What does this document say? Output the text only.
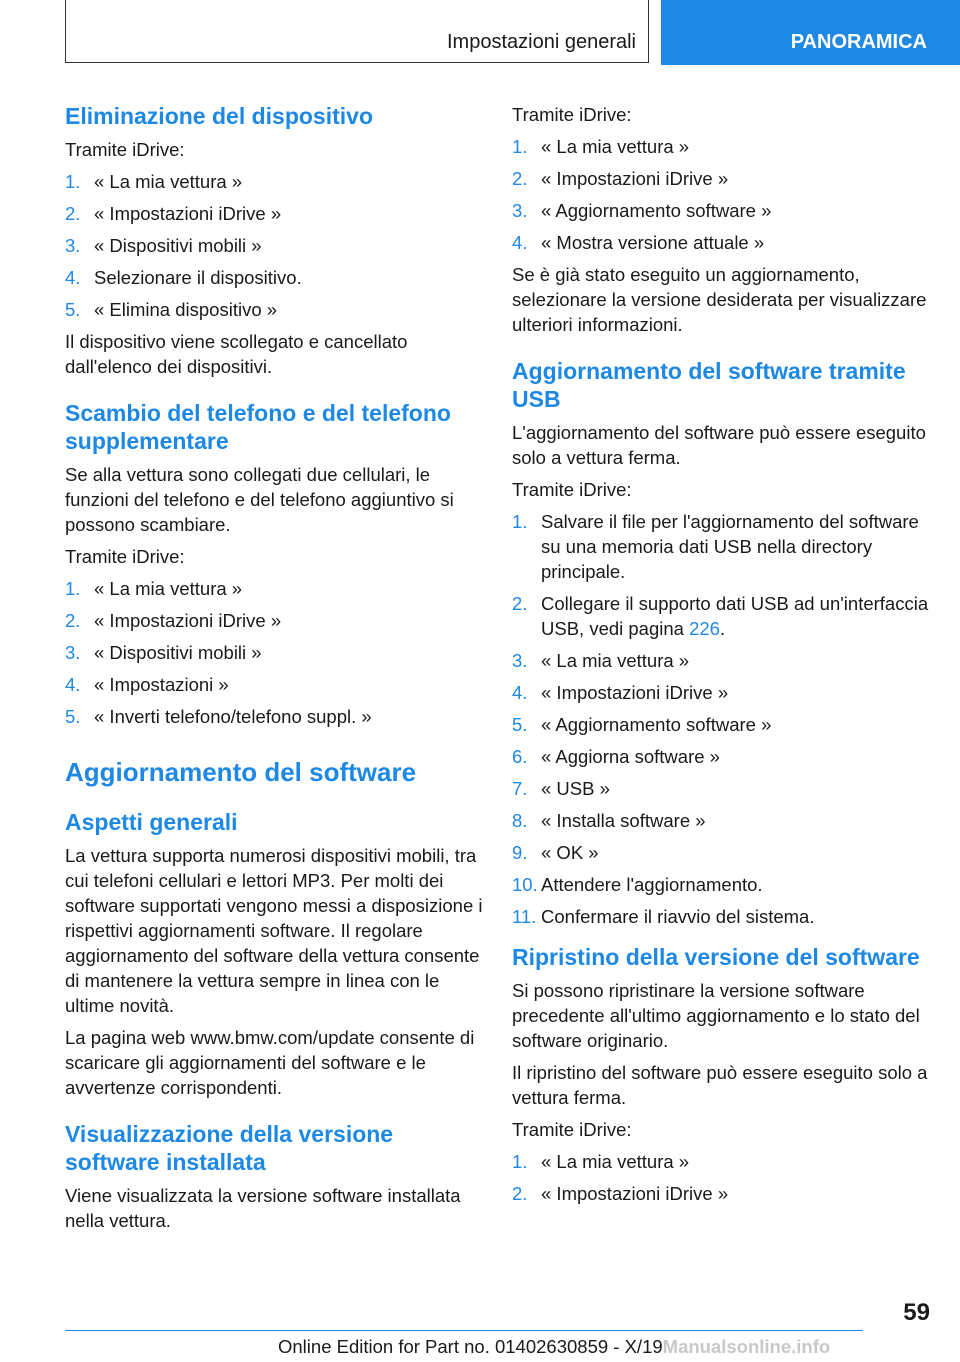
Impostazioni generali	PANORAMICA
Eliminazione del dispositivo

Tramite iDrive:

1. « La mia vettura »
2. « Impostazioni iDrive »
3. « Dispositivi mobili »
4. Selezionare il dispositivo.
5. « Elimina dispositivo »

Il dispositivo viene scollegato e cancellato dall'elenco dei dispositivi.

Scambio del telefono e del telefono supplementare

Se alla vettura sono collegati due cellulari, le funzioni del telefono e del telefono aggiuntivo si possono scambiare.

Tramite iDrive:

1. « La mia vettura »
2. « Impostazioni iDrive »
3. « Dispositivi mobili »
4. « Impostazioni »
5. « Inverti telefono/telefono suppl. »
Aggiornamento del software
Aspetti generali

La vettura supporta numerosi dispositivi mobili, tra cui telefoni cellulari e lettori MP3. Per molti dei software supportati vengono messi a disposizione i rispettivi aggiornamenti software. Il regolare aggiornamento del software della vettura consente di mantenere la vettura sempre in linea con le ultime novità.

La pagina web www.bmw.com/update consente di scaricare gli aggiornamenti del software e le avvertenze corrispondenti.

Visualizzazione della versione software installata

Viene visualizzata la versione software installata nella vettura.

Tramite iDrive:

1. « La mia vettura »
2. « Impostazioni iDrive »
3. « Aggiornamento software »
4. « Mostra versione attuale »

Se è già stato eseguito un aggiornamento, selezionare la versione desiderata per visualizzare ulteriori informazioni.

Aggiornamento del software tramite USB

L'aggiornamento del software può essere eseguito solo a vettura ferma.

Tramite iDrive:

1. Salvare il file per l'aggiornamento del software su una memoria dati USB nella directory principale.
2. Collegare il supporto dati USB ad un'interfaccia USB, vedi pagina 226.
3. « La mia vettura »
4. « Impostazioni iDrive »
5. « Aggiornamento software »
6. « Aggiorna software »
7. « USB »
8. « Installa software »
9. « OK »
10. Attendere l'aggiornamento.
11. Confermare il riavvio del sistema.
Ripristino della versione del software

Si possono ripristinare la versione software precedente all'ultimo aggiornamento e lo stato del software originario.

Il ripristino del software può essere eseguito solo a vettura ferma.

Tramite iDrive:

1. « La mia vettura »
2. « Impostazioni iDrive »
59
Online Edition for Part no. 01402630859 - X/19Manualsonline.info
